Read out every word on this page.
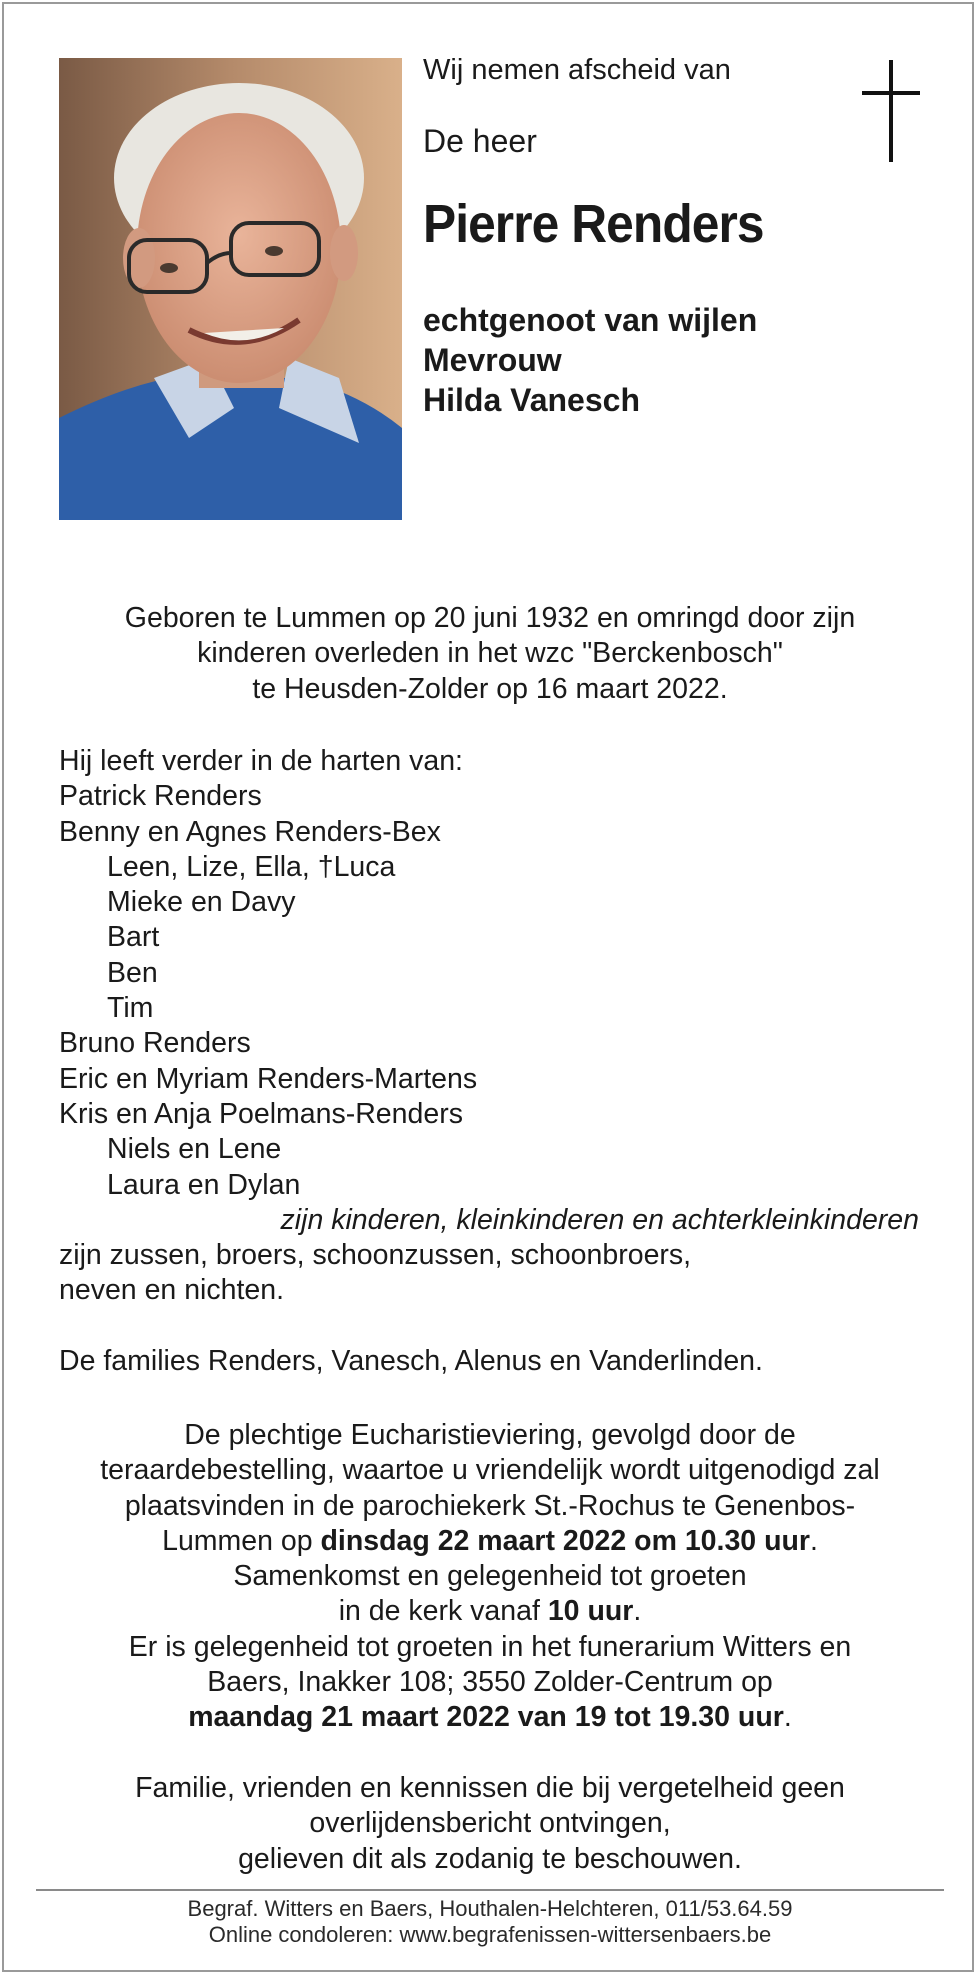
Wij nemen afscheid van
De heer
Pierre Renders
echtgenoot van wijlen
Mevrouw
Hilda Vanesch
Geboren te Lummen op 20 juni 1932 en omringd door zijn
kinderen overleden in het wzc "Berckenbosch"
te Heusden-Zolder op 16 maart 2022.
Hij leeft verder in de harten van:
Patrick Renders
Benny en Agnes Renders-Bex
Leen, Lize, Ella, †Luca
Mieke en Davy
Bart
Ben
Tim
Bruno Renders
Eric en Myriam Renders-Martens
Kris en Anja Poelmans-Renders
Niels en Lene
Laura en Dylan
zijn kinderen, kleinkinderen en achterkleinkinderen
zijn zussen, broers, schoonzussen, schoonbroers,
neven en nichten.
De families Renders, Vanesch, Alenus en Vanderlinden.
De plechtige Eucharistieviering, gevolgd door de
teraardebestelling, waartoe u vriendelijk wordt uitgenodigd zal
plaatsvinden in de parochiekerk St.-Rochus te Genenbos-
Lummen op dinsdag 22 maart 2022 om 10.30 uur.
Samenkomst en gelegenheid tot groeten
in de kerk vanaf 10 uur.
Er is gelegenheid tot groeten in het funerarium Witters en
Baers, Inakker 108; 3550 Zolder-Centrum op
maandag 21 maart 2022 van 19 tot 19.30 uur.
Familie, vrienden en kennissen die bij vergetelheid geen
overlijdensbericht ontvingen,
gelieven dit als zodanig te beschouwen.
Begraf. Witters en Baers, Houthalen-Helchteren, 011/53.64.59
Online condoleren: www.begrafenissen-wittersenbaers.be
